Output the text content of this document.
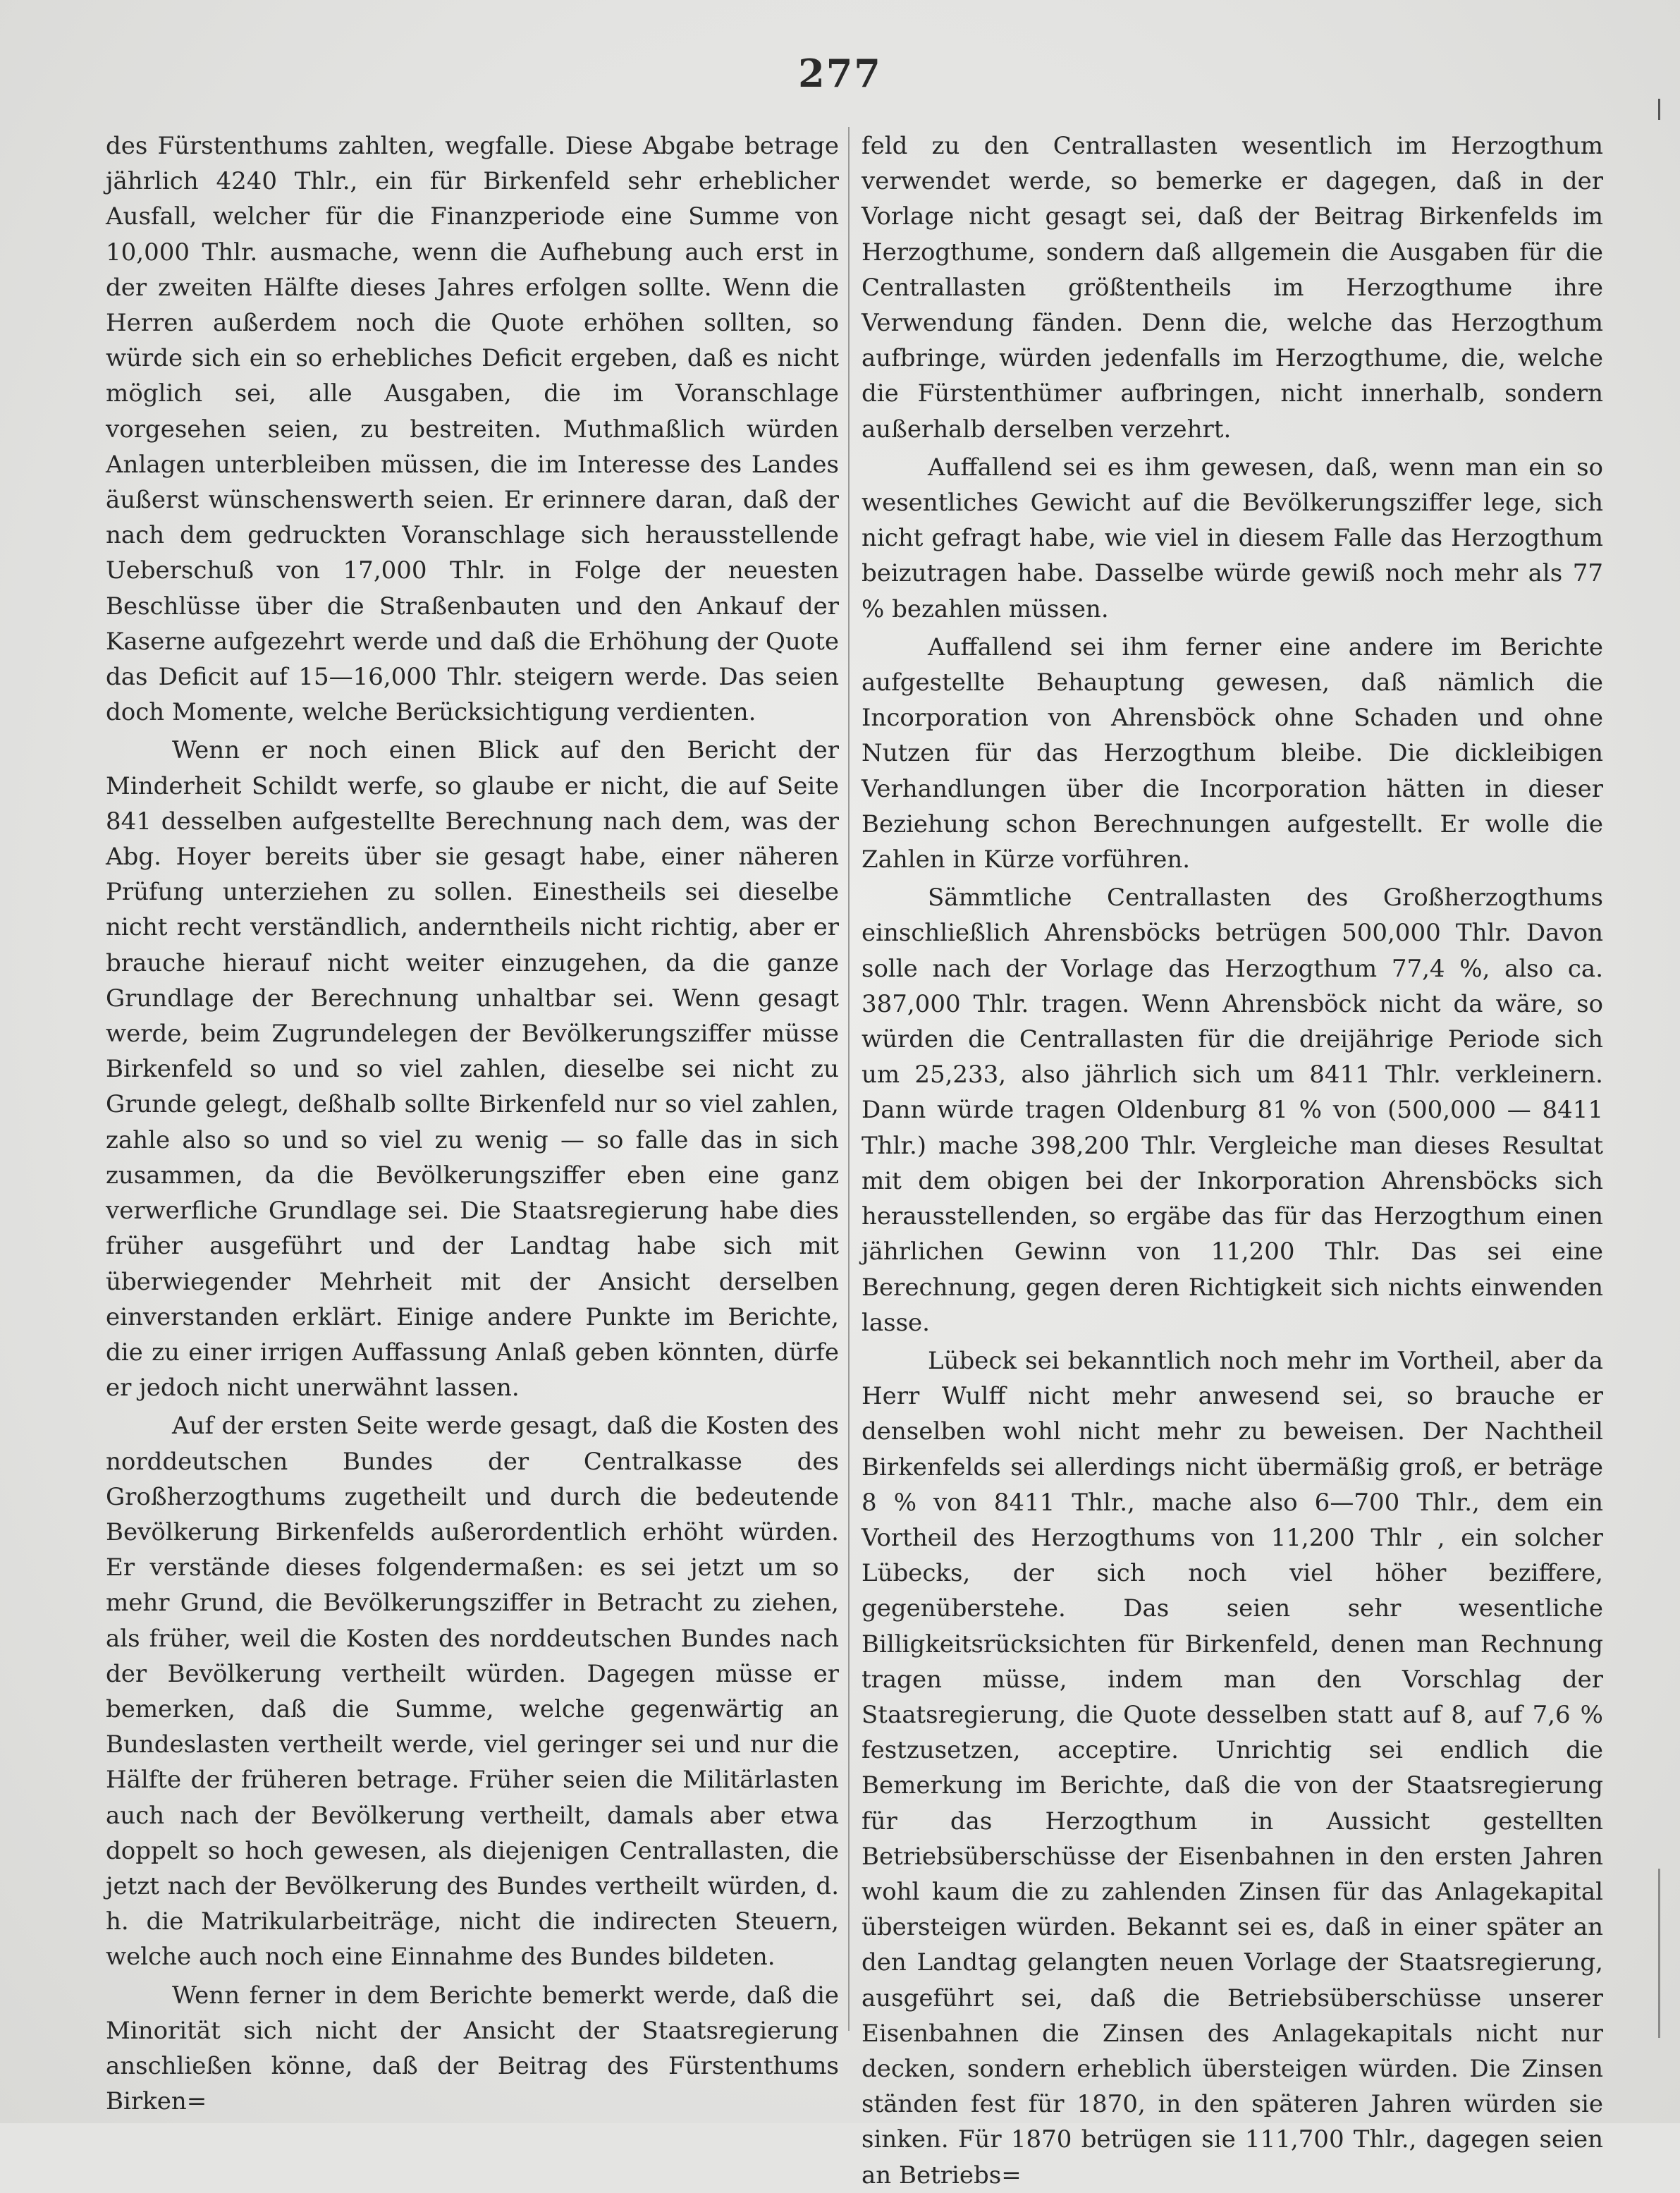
277

des Fürstenthums zahlten, wegfalle. Diese Abgabe betrage jährlich 4240 Thlr., ein für Birkenfeld sehr erheblicher Ausfall, welcher für die Finanzperiode eine Summe von 10,000 Thlr. ausmache, wenn die Aufhebung auch erst in der zweiten Hälfte dieses Jahres erfolgen sollte. Wenn die Herren außerdem noch die Quote erhöhen sollten, so würde sich ein so erhebliches Deficit ergeben, daß es nicht möglich sei, alle Ausgaben, die im Voranschlage vorgesehen seien, zu bestreiten. Muthmaßlich würden Anlagen unterbleiben müssen, die im Interesse des Landes äußerst wünschenswerth seien. Er erinnere daran, daß der nach dem gedruckten Voranschlage sich herausstellende Ueberschuß von 17,000 Thlr. in Folge der neuesten Beschlüsse über die Straßenbauten und den Ankauf der Kaserne aufgezehrt werde und daß die Erhöhung der Quote das Deficit auf 15—16,000 Thlr. steigern werde. Das seien doch Momente, welche Berücksichtigung verdienten.

Wenn er noch einen Blick auf den Bericht der Minderheit Schildt werfe, so glaube er nicht, die auf Seite 841 desselben aufgestellte Berechnung nach dem, was der Abg. Hoyer bereits über sie gesagt habe, einer näheren Prüfung unterziehen zu sollen. Einestheils sei dieselbe nicht recht verständlich, anderntheils nicht richtig, aber er brauche hierauf nicht weiter einzugehen, da die ganze Grundlage der Berechnung unhaltbar sei. Wenn gesagt werde, beim Zugrundelegen der Bevölkerungsziffer müsse Birkenfeld so und so viel zahlen, dieselbe sei nicht zu Grunde gelegt, deßhalb sollte Birkenfeld nur so viel zahlen, zahle also so und so viel zu wenig — so falle das in sich zusammen, da die Bevölkerungsziffer eben eine ganz verwerfliche Grundlage sei. Die Staatsregierung habe dies früher ausgeführt und der Landtag habe sich mit überwiegender Mehrheit mit der Ansicht derselben einverstanden erklärt. Einige andere Punkte im Berichte, die zu einer irrigen Auffassung Anlaß geben könnten, dürfe er jedoch nicht unerwähnt lassen.

Auf der ersten Seite werde gesagt, daß die Kosten des norddeutschen Bundes der Centralkasse des Großherzogthums zugetheilt und durch die bedeutende Bevölkerung Birkenfelds außerordentlich erhöht würden. Er verstände dieses folgendermaßen: es sei jetzt um so mehr Grund, die Bevölkerungsziffer in Betracht zu ziehen, als früher, weil die Kosten des norddeutschen Bundes nach der Bevölkerung vertheilt würden. Dagegen müsse er bemerken, daß die Summe, welche gegenwärtig an Bundeslasten vertheilt werde, viel geringer sei und nur die Hälfte der früheren betrage. Früher seien die Militärlasten auch nach der Bevölkerung vertheilt, damals aber etwa doppelt so hoch gewesen, als diejenigen Centrallasten, die jetzt nach der Bevölkerung des Bundes vertheilt würden, d. h. die Matrikularbeiträge, nicht die indirecten Steuern, welche auch noch eine Einnahme des Bundes bildeten.

Wenn ferner in dem Berichte bemerkt werde, daß die Minorität sich nicht der Ansicht der Staatsregierung anschließen könne, daß der Beitrag des Fürstenthums Birken=

feld zu den Centrallasten wesentlich im Herzogthum verwendet werde, so bemerke er dagegen, daß in der Vorlage nicht gesagt sei, daß der Beitrag Birkenfelds im Herzogthume, sondern daß allgemein die Ausgaben für die Centrallasten größtentheils im Herzogthume ihre Verwendung fänden. Denn die, welche das Herzogthum aufbringe, würden jedenfalls im Herzogthume, die, welche die Fürstenthümer aufbringen, nicht innerhalb, sondern außerhalb derselben verzehrt.

Auffallend sei es ihm gewesen, daß, wenn man ein so wesentliches Gewicht auf die Bevölkerungsziffer lege, sich nicht gefragt habe, wie viel in diesem Falle das Herzogthum beizutragen habe. Dasselbe würde gewiß noch mehr als 77 % bezahlen müssen.

Auffallend sei ihm ferner eine andere im Berichte aufgestellte Behauptung gewesen, daß nämlich die Incorporation von Ahrensböck ohne Schaden und ohne Nutzen für das Herzogthum bleibe. Die dickleibigen Verhandlungen über die Incorporation hätten in dieser Beziehung schon Berechnungen aufgestellt. Er wolle die Zahlen in Kürze vorführen.

Sämmtliche Centrallasten des Großherzogthums einschließlich Ahrensböcks betrügen 500,000 Thlr. Davon solle nach der Vorlage das Herzogthum 77,4 %, also ca. 387,000 Thlr. tragen. Wenn Ahrensböck nicht da wäre, so würden die Centrallasten für die dreijährige Periode sich um 25,233, also jährlich sich um 8411 Thlr. verkleinern. Dann würde tragen Oldenburg 81 % von (500,000 — 8411 Thlr.) mache 398,200 Thlr. Vergleiche man dieses Resultat mit dem obigen bei der Inkorporation Ahrensböcks sich herausstellenden, so ergäbe das für das Herzogthum einen jährlichen Gewinn von 11,200 Thlr. Das sei eine Berechnung, gegen deren Richtigkeit sich nichts einwenden lasse.

Lübeck sei bekanntlich noch mehr im Vortheil, aber da Herr Wulff nicht mehr anwesend sei, so brauche er denselben wohl nicht mehr zu beweisen. Der Nachtheil Birkenfelds sei allerdings nicht übermäßig groß, er beträge 8 % von 8411 Thlr., mache also 6—700 Thlr., dem ein Vortheil des Herzogthums von 11,200 Thlr , ein solcher Lübecks, der sich noch viel höher beziffere, gegenüberstehe. Das seien sehr wesentliche Billigkeitsrücksichten für Birkenfeld, denen man Rechnung tragen müsse, indem man den Vorschlag der Staatsregierung, die Quote desselben statt auf 8, auf 7,6 % festzusetzen, acceptire. Unrichtig sei endlich die Bemerkung im Berichte, daß die von der Staatsregierung für das Herzogthum in Aussicht gestellten Betriebsüberschüsse der Eisenbahnen in den ersten Jahren wohl kaum die zu zahlenden Zinsen für das Anlagekapital übersteigen würden. Bekannt sei es, daß in einer später an den Landtag gelangten neuen Vorlage der Staatsregierung, ausgeführt sei, daß die Betriebsüberschüsse unserer Eisenbahnen die Zinsen des Anlagekapitals nicht nur decken, sondern erheblich übersteigen würden. Die Zinsen ständen fest für 1870, in den späteren Jahren würden sie sinken. Für 1870 betrügen sie 111,700 Thlr., dagegen seien an Betriebs=
